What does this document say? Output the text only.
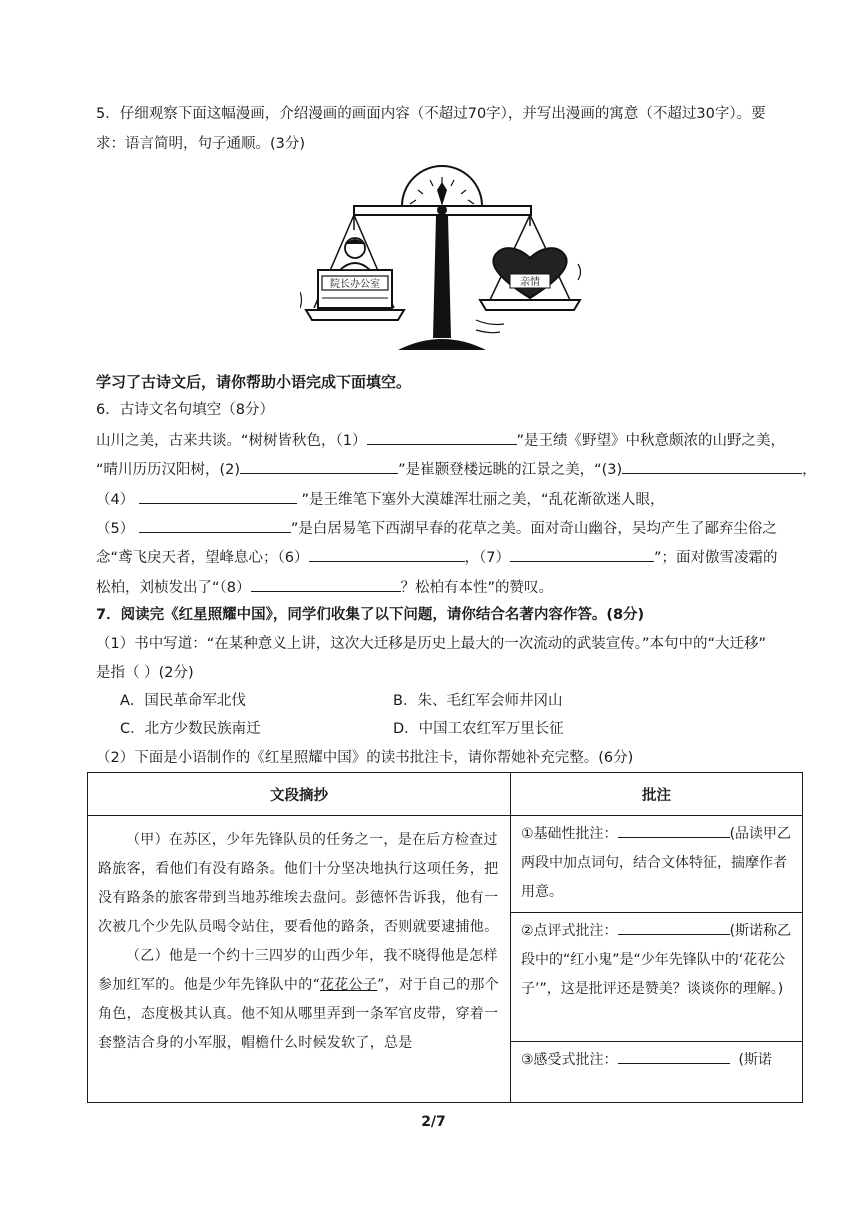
5．仔细观察下面这幅漫画，介绍漫画的画面内容（不超过70字），并写出漫画的寓意（不超过30字）。要
求：语言简明，句子通顺。(3分)
院长办公室	亲情
学习了古诗文后，请你帮助小语完成下面填空。
6．古诗文名句填空（8分）
山川之美，古来共谈。“树树皆秋色，（1）	”是王绩《野望》中秋意颇浓的山野之美，
“晴川历历汉阳树，(2)	”是崔颢登楼远眺的江景之美，“(3)	，
（4）	”是王维笔下塞外大漠雄浑壮丽之美，“乱花渐欲迷人眼，
（5）	”是白居易笔下西湖早春的花草之美。面对奇山幽谷，吴均产生了鄙弃尘俗之
念“鸢飞戾天者，望峰息心；（6）	，（7）	”；面对傲雪凌霜的
松柏，刘桢发出了“（8）	？松柏有本性”的赞叹。
7．阅读完《红星照耀中国》，同学们收集了以下问题，请你结合名著内容作答。(8分)
（1）书中写道：“在某种意义上讲，这次大迁移是历史上最大的一次流动的武装宣传。”本句中的“大迁移”
是指（ ）(2分)
A．国民革命军北伐	B．朱、毛红军会师井冈山
C．北方少数民族南迁	D．中国工农红军万里长征
（2）下面是小语制作的《红星照耀中国》的读书批注卡，请你帮她补充完整。(6分)
文段摘抄	批注

（甲）在苏区，少年先锋队员的任务之一，是在后方检查过路旅客，看他们有没有路条。他们十分坚决地执行这项任务，把没有路条的旅客带到当地苏维埃去盘问。彭德怀告诉我，他有一次被几个少先队员喝令站住，要看他的路条，否则就要逮捕他。

（乙）他是一个约十三四岁的山西少年，我不晓得他是怎样参加红军的。他是少年先锋队中的“花花公子”，对于自己的那个角色，态度极其认真。他不知从哪里弄到一条军官皮带，穿着一套整洁合身的小军服，帽檐什么时候发软了，总是	①基础性批注： (品读甲乙两段中加点词句，结合文体特征，揣摩作者用意。

	②点评式批注： (斯诺称乙段中的“红小鬼”是“少年先锋队中的‘花花公子’”，这是批评还是赞美？谈谈你的理解。)

	③感受式批注： (斯诺
2/7
